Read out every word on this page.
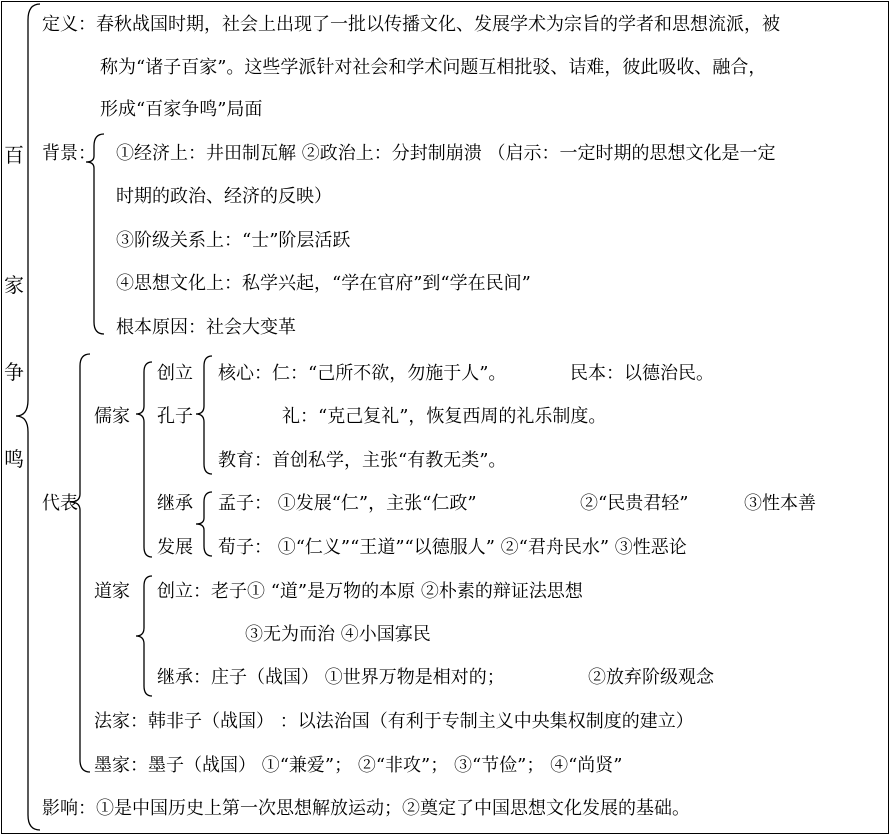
百
家
争
鸣
定义：春秋战国时期，社会上出现了一批以传播文化、发展学术为宗旨的学者和思想流派，被
称为“诸子百家”。这些学派针对社会和学术问题互相批驳、诘难，彼此吸收、融合，
形成“百家争鸣”局面
背景： ①经济上：井田制瓦解 ②政治上：分封制崩溃 （启示：一定时期的思想文化是一定
时期的政治、经济的反映）
③阶级关系上：“士”阶层活跃
④思想文化上：私学兴起，“学在官府”到“学在民间”
根本原因：社会大变革
代表
儒家
创立
孔子
核心：仁：“己所不欲，勿施于人”。	民本：以德治民。
礼：“克己复礼”，恢复西周的礼乐制度。
教育：首创私学，主张“有教无类”。
继承
发展
孟子： ①发展“仁”，主张“仁政”	②“民贵君轻”	③性本善
荀子： ①“仁义”“王道”“以德服人” ②“君舟民水” ③性恶论
道家 创立：老子① “道”是万物的本原 ②朴素的辩证法思想
③无为而治 ④小国寡民
继承：庄子（战国） ①世界万物是相对的；	②放弃阶级观念
法家：韩非子（战国） ：以法治国（有利于专制主义中央集权制度的建立）
墨家：墨子（战国） ①“兼爱”； ②“非攻”； ③“节俭”； ④“尚贤”
影响：①是中国历史上第一次思想解放运动；②奠定了中国思想文化发展的基础。
